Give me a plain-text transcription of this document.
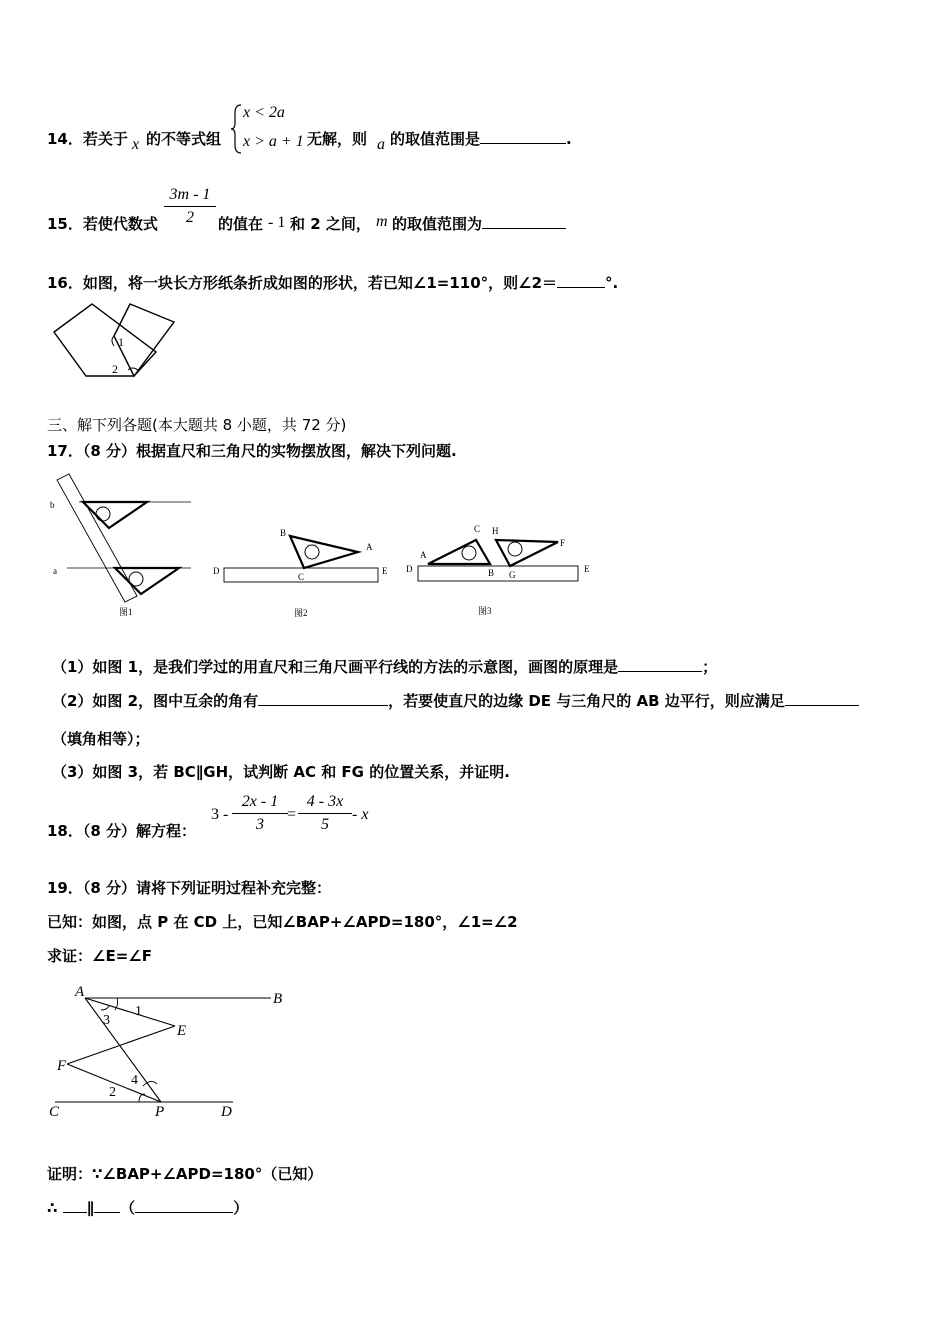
14．若关于 x 的不等式组
x < 2a
x > a + 1 无解，则 a 的取值范围是	.
15．若使代数式
3m - 1
2	的值在 - 1 和 2 之间， m 的取值范围为
16．如图，将一块长方形纸条折成如图的形状，若已知∠1=110°，则∠2＝	°.
1
2
三、解下列各题(本大题共 8 小题，共 72 分)
17．（8 分）根据直尺和三角尺的实物摆放图，解决下列问题.
b
a
图1
B
A
C
D	E
图2
C H
A
F
D	B G
E
图3
（1）如图 1，是我们学过的用直尺和三角尺画平行线的方法的示意图，画图的原理是	；
（2）如图 2，图中互余的角有	，若要使直尺的边缘 DE 与三角尺的 AB 边平行，则应满足
（填角相等）；
（3）如图 3，若 BC∥GH，试判断 AC 和 FG 的位置关系，并证明.
18．（8 分）解方程：
3 -
2x - 1
3
=
4 - 3x
5
- x
19．（8 分）请将下列证明过程补充完整：
已知：如图，点 P 在 CD 上，已知∠BAP+∠APD=180°，∠1=∠2
求证：∠E=∠F
A	B
C	D
E
F
P
1
2
3
4
证明：∵∠BAP+∠APD=180°（已知）
∴ ∥ （	）
